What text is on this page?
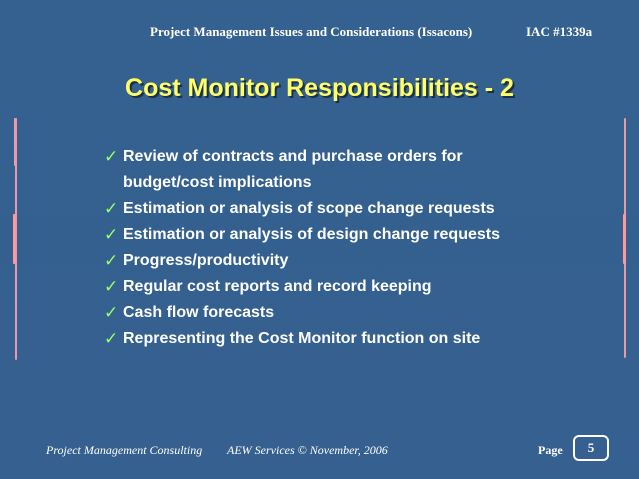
Project Management Issues and Considerations (Issacons)	IAC #1339a
Cost Monitor Responsibilities - 2
✓ Review of contracts and purchase orders for
budget/cost implications
✓ Estimation or analysis of scope change requests
✓ Estimation or analysis of design change requests
✓ Progress/productivity
✓ Regular cost reports and record keeping
✓ Cash flow forecasts
✓ Representing the Cost Monitor function on site
Project Management Consulting AEW Services © November, 2006	Page	5
